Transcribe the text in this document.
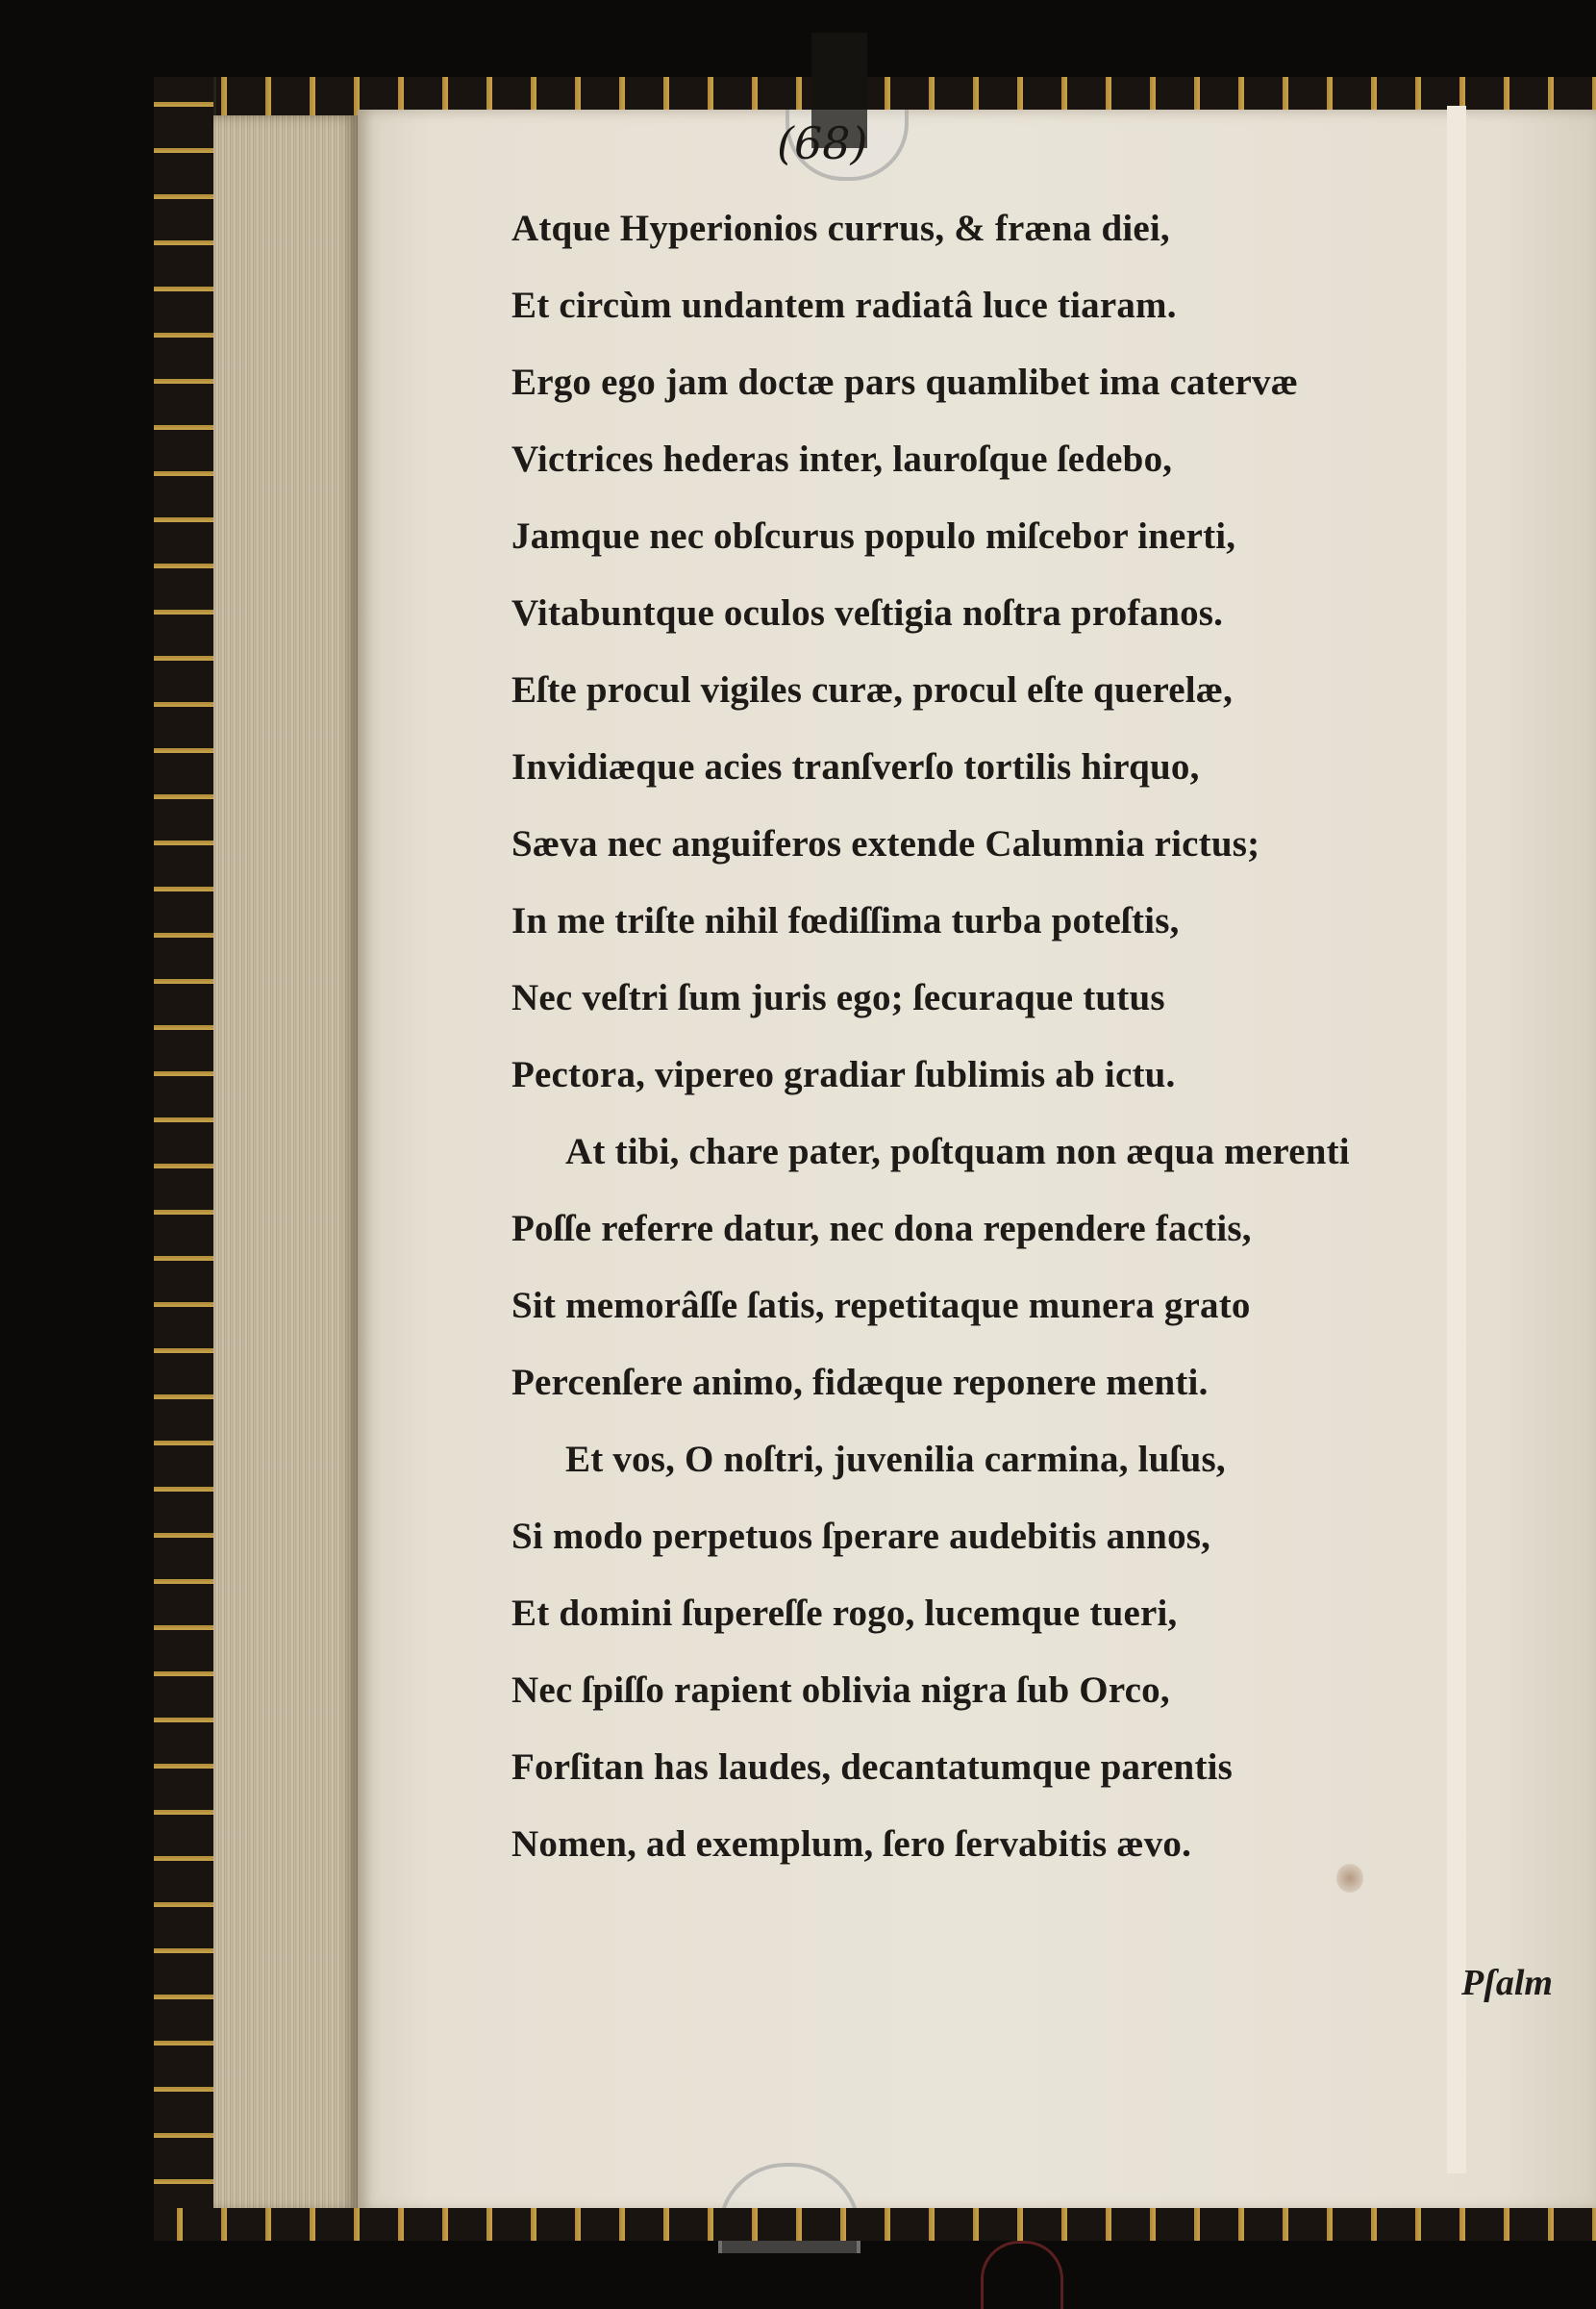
(68)

Atque Hyperionios currus, & fræna diei,
Et circùm undantem radiatâ luce tiaram.
Ergo ego jam doctæ pars quamlibet ima catervæ
Victrices hederas inter, lauroſque ſedebo,
Jamque nec obſcurus populo miſcebor inerti,
Vitabuntque oculos veſtigia noſtra profanos.
Eſte procul vigiles curæ, procul eſte querelæ,
Invidiæque acies tranſverſo tortilis hirquo,
Sæva nec anguiferos extende Calumnia rictus;
In me triſte nihil fœdiſſima turba poteſtis,
Nec veſtri ſum juris ego; ſecuraque tutus
Pectora, vipereo gradiar ſublimis ab ictu.
At tibi, chare pater, poſtquam non æqua merenti
Poſſe referre datur, nec dona rependere factis,
Sit memorâſſe ſatis, repetitaque munera grato
Percenſere animo, fidæque reponere menti.
Et vos, O noſtri, juvenilia carmina, luſus,
Si modo perpetuos ſperare audebitis annos,
Et domini ſupereſſe rogo, lucemque tueri,
Nec ſpiſſo rapient oblivia nigra ſub Orco,
Forſitan has laudes, decantatumque parentis
Nomen, ad exemplum, ſero ſervabitis ævo.

Pſalm
